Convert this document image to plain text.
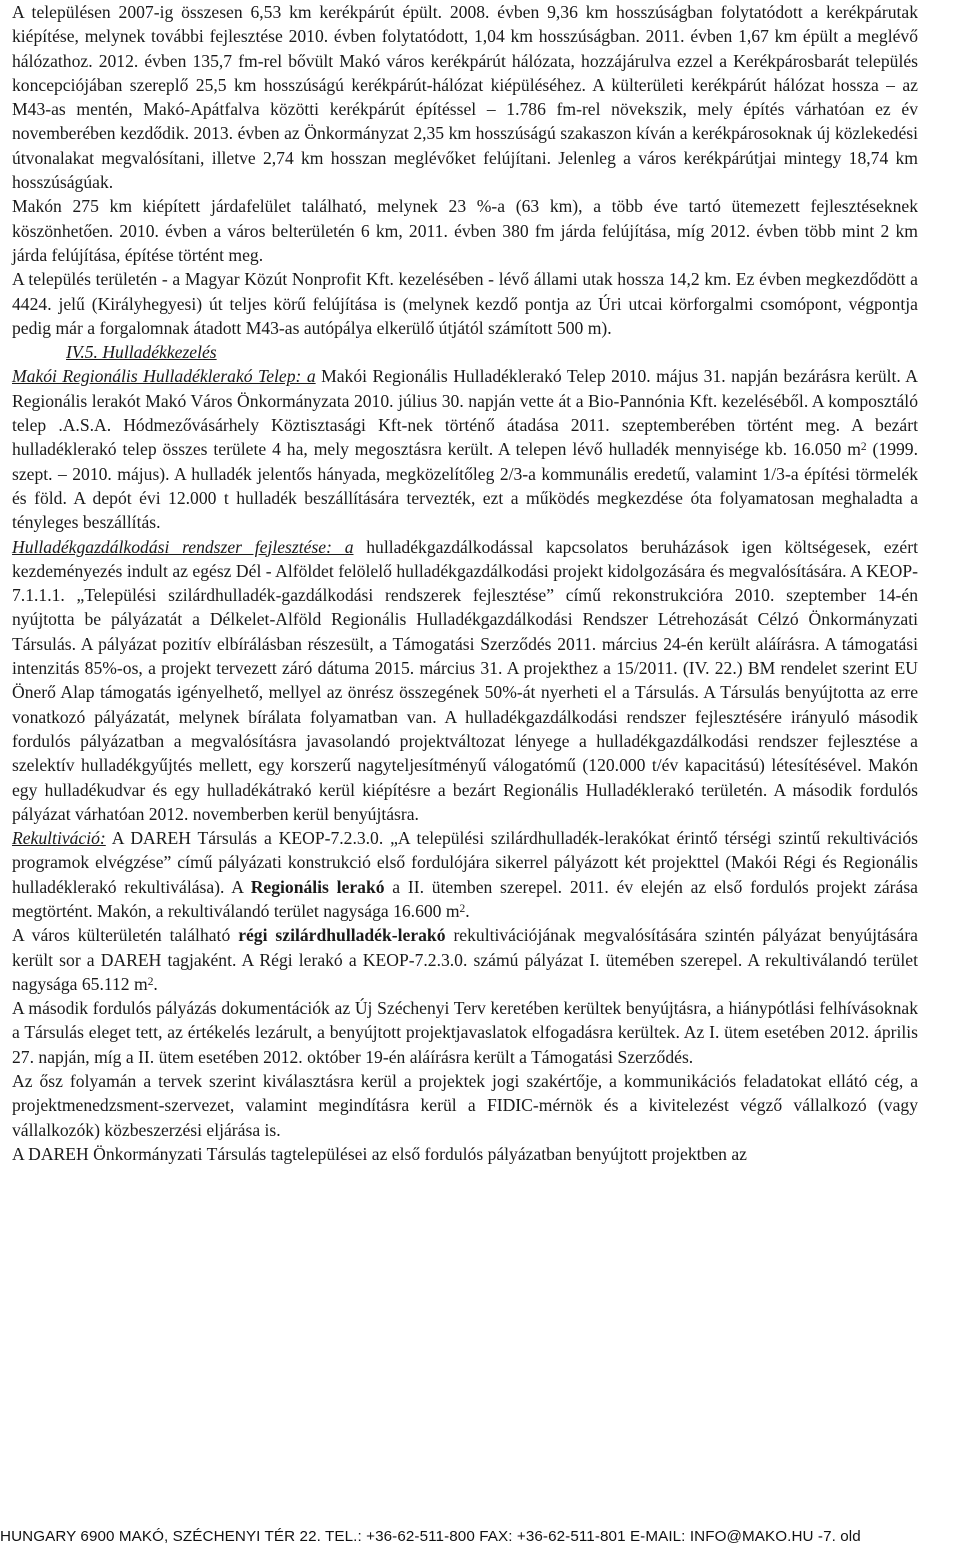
A településen 2007-ig összesen 6,53 km kerékpárút épült. 2008. évben 9,36 km hosszúságban folytatódott a kerékpárutak kiépítése, melynek további fejlesztése 2010. évben folytatódott, 1,04 km hosszúságban. 2011. évben 1,67 km épült a meglévő hálózathoz. 2012. évben 135,7 fm-rel bővült Makó város kerékpárút hálózata, hozzájárulva ezzel a Kerékpárosbarát település koncepciójában szereplő 25,5 km hosszúságú kerékpárút-hálózat kiépüléséhez. A külterületi kerékpárút hálózat hossza – az M43-as mentén, Makó-Apátfalva közötti kerékpárút építéssel – 1.786 fm-rel növekszik, mely építés várhatóan ez év novemberében kezdődik. 2013. évben az Önkormányzat 2,35 km hosszúságú szakaszon kíván a kerékpárosoknak új közlekedési útvonalakat megvalósítani, illetve 2,74 km hosszan meglévőket felújítani. Jelenleg a város kerékpárútjai mintegy 18,74 km hosszúságúak.

Makón 275 km kiépített járdafelület található, melynek 23 %-a (63 km), a több éve tartó ütemezett fejlesztéseknek köszönhetően. 2010. évben a város belterületén 6 km, 2011. évben 380 fm járda felújítása, míg 2012. évben több mint 2 km járda felújítása, építése történt meg.

A település területén - a Magyar Közút Nonprofit Kft. kezelésében - lévő állami utak hossza 14,2 km. Ez évben megkezdődött a 4424. jelű (Királyhegyesi) út teljes körű felújítása is (melynek kezdő pontja az Úri utcai körforgalmi csomópont, végpontja pedig már a forgalomnak átadott M43-as autópálya elkerülő útjától számított 500 m).

IV.5. Hulladékkezelés

Makói Regionális Hulladéklerakó Telep: a Makói Regionális Hulladéklerakó Telep 2010. május 31. napján bezárásra került. A Regionális lerakót Makó Város Önkormányzata 2010. július 30. napján vette át a Bio-Pannónia Kft. kezeléséből. A komposztáló telep .A.S.A. Hódmezővásárhely Köztisztasági Kft-nek történő átadása 2011. szeptemberében történt meg. A bezárt hulladéklerakó telep összes területe 4 ha, mely megosztásra került. A telepen lévő hulladék mennyisége kb. 16.050 $m^2$ (1999. szept. – 2010. május). A hulladék jelentős hányada, megközelítőleg 2/3-a kommunális eredetű, valamint 1/3-a építési törmelék és föld. A depót évi 12.000 t hulladék beszállítására tervezték, ezt a működés megkezdése óta folyamatosan meghaladta a tényleges beszállítás.

Hulladékgazdálkodási rendszer fejlesztése: a hulladékgazdálkodással kapcsolatos beruházások igen költségesek, ezért kezdeményezés indult az egész Dél - Alföldet felölelő hulladékgazdálkodási projekt kidolgozására és megvalósítására. A KEOP-7.1.1.1. „Települési szilárdhulladék-gazdálkodási rendszerek fejlesztése” című rekonstrukcióra 2010. szeptember 14-én nyújtotta be pályázatát a Délkelet-Alföld Regionális Hulladékgazdálkodási Rendszer Létrehozását Célzó Önkormányzati Társulás. A pályázat pozitív elbírálásban részesült, a Támogatási Szerződés 2011. március 24-én került aláírásra. A támogatási intenzitás 85%-os, a projekt tervezett záró dátuma 2015. március 31. A projekthez a 15/2011. (IV. 22.) BM rendelet szerint EU Önerő Alap támogatás igényelhető, mellyel az önrész összegének 50%-át nyerheti el a Társulás. A Társulás benyújtotta az erre vonatkozó pályázatát, melynek bírálata folyamatban van. A hulladékgazdálkodási rendszer fejlesztésére irányuló második fordulós pályázatban a megvalósításra javasolandó projektváltozat lényege a hulladékgazdálkodási rendszer fejlesztése a szelektív hulladékgyűjtés mellett, egy korszerű nagyteljesítményű válogatómű (120.000 t/év kapacitású) létesítésével. Makón egy hulladékudvar és egy hulladékátrakó kerül kiépítésre a bezárt Regionális Hulladéklerakó területén. A második fordulós pályázat várhatóan 2012. novemberben kerül benyújtásra.

Rekultiváció: A DAREH Társulás a KEOP-7.2.3.0. „A települési szilárdhulladék-lerakókat érintő térségi szintű rekultivációs programok elvégzése” című pályázati konstrukció első fordulójára sikerrel pályázott két projekttel (Makói Régi és Regionális hulladéklerakó rekultiválása). A Regionális lerakó a II. ütemben szerepel. 2011. év elején az első fordulós projekt zárása megtörtént. Makón, a rekultiválandó terület nagysága 16.600 $m^2$.

A város külterületén található régi szilárdhulladék-lerakó rekultivációjának megvalósítására szintén pályázat benyújtására került sor a DAREH tagjaként. A Régi lerakó a KEOP-7.2.3.0. számú pályázat I. ütemében szerepel. A rekultiválandó terület nagysága 65.112 $m^2$.

A második fordulós pályázás dokumentációk az Új Széchenyi Terv keretében kerültek benyújtásra, a hiánypótlási felhívásoknak a Társulás eleget tett, az értékelés lezárult, a benyújtott projektjavaslatok elfogadásra kerültek. Az I. ütem esetében 2012. április 27. napján, míg a II. ütem esetében 2012. október 19-én aláírásra került a Támogatási Szerződés.

Az ősz folyamán a tervek szerint kiválasztásra kerül a projektek jogi szakértője, a kommunikációs feladatokat ellátó cég, a projektmenedzsment-szervezet, valamint megindításra kerül a FIDIC-mérnök és a kivitelezést végző vállalkozó (vagy vállalkozók) közbeszerzési eljárása is.

A DAREH Önkormányzati Társulás tagtelepülései az első fordulós pályázatban benyújtott projektben az

HUNGARY 6900 MAKÓ, SZÉCHENYI TÉR 22. TEL.: +36-62-511-800 FAX: +36-62-511-801 E-MAIL: INFO@MAKO.HU -7. old
